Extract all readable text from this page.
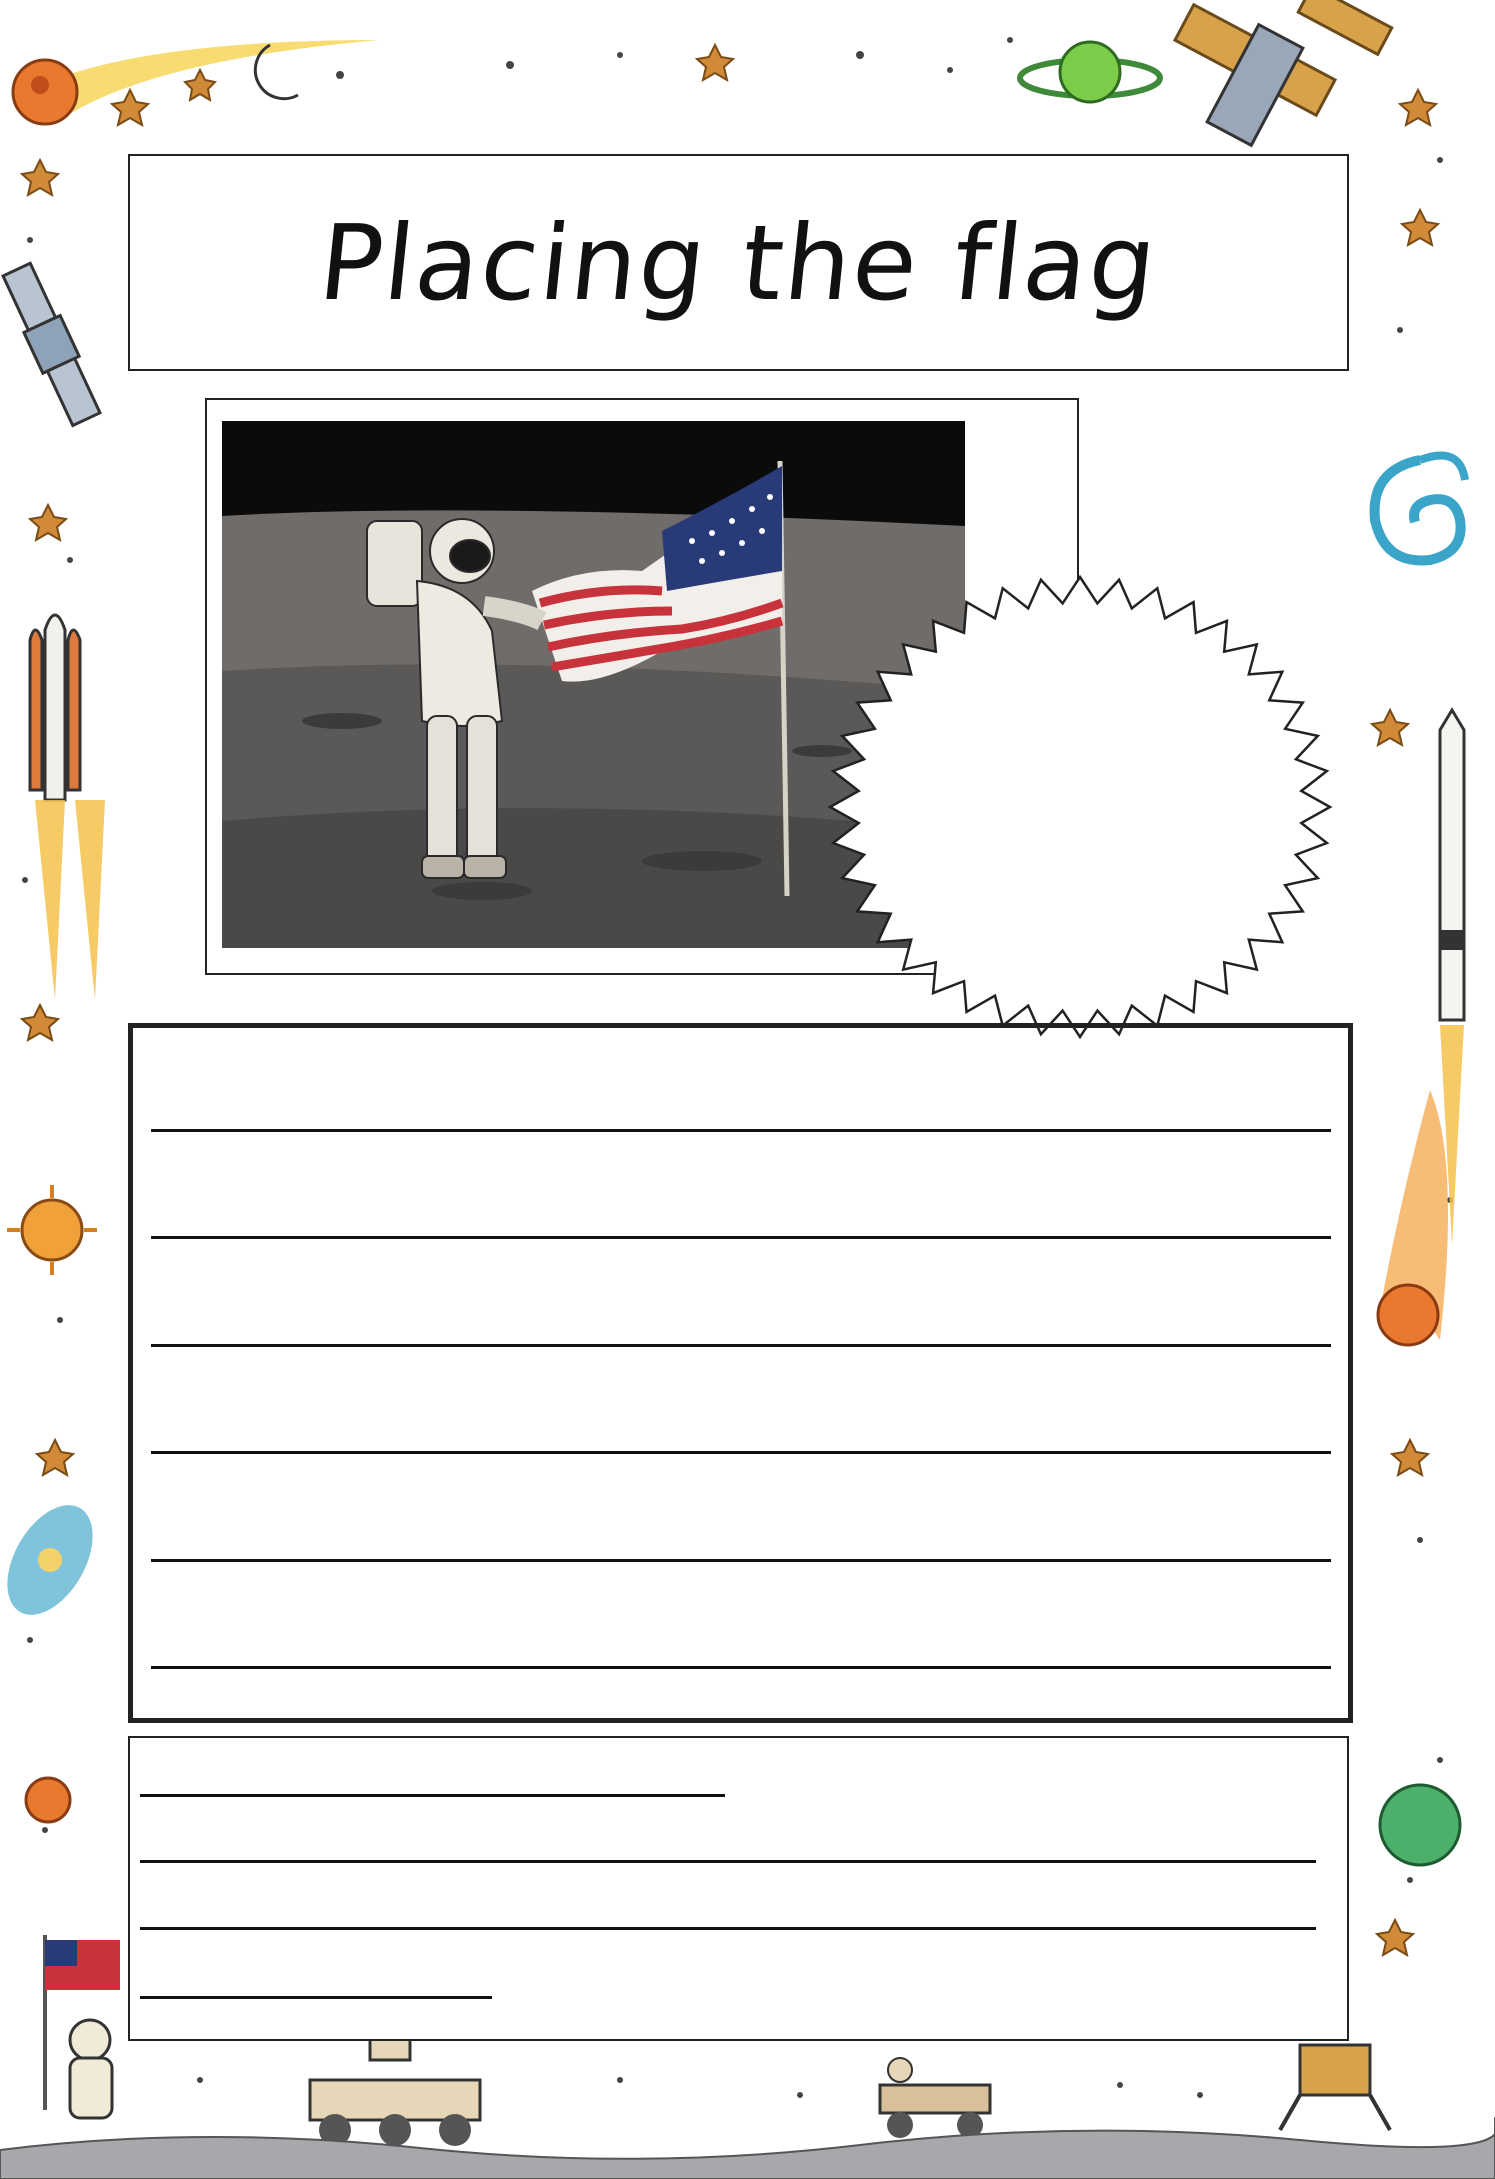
Placing the flag
